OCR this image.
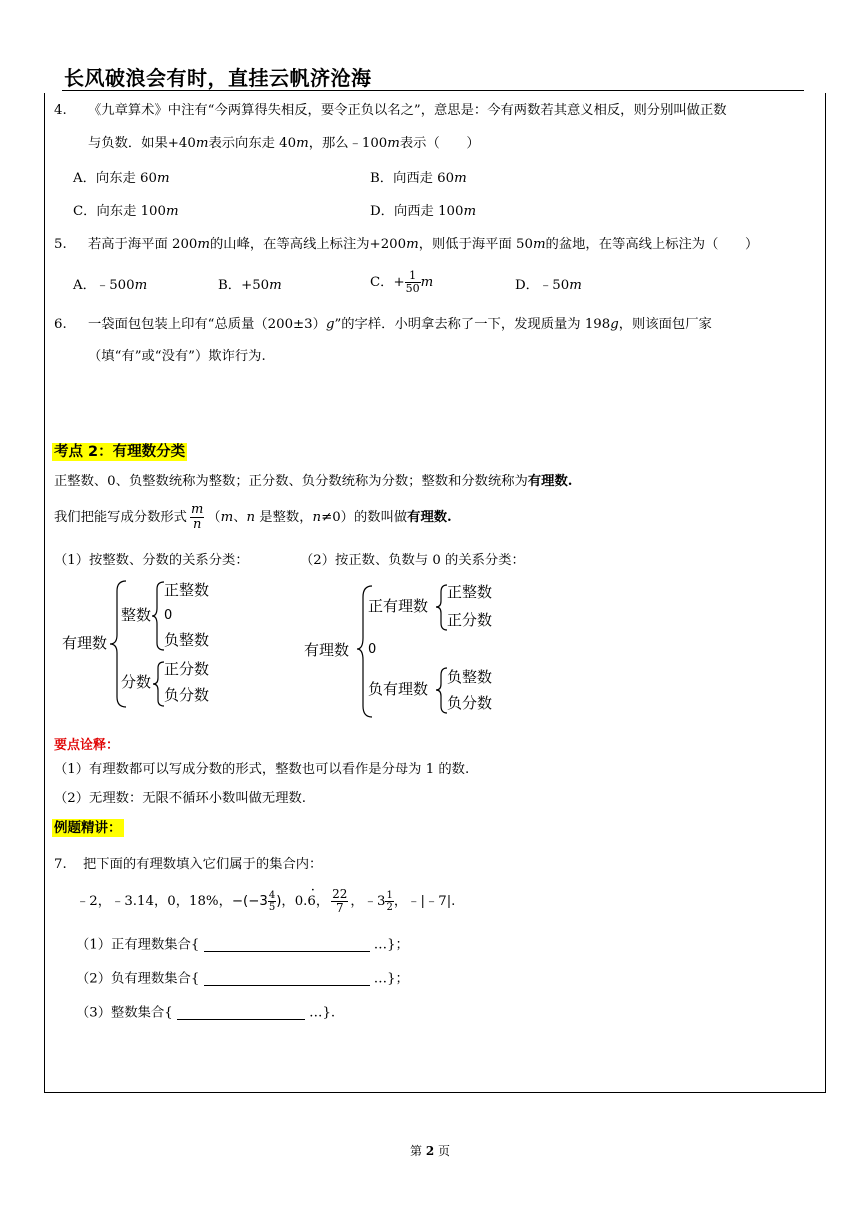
长风破浪会有时，直挂云帆济沧海
4. 《九章算术》中注有“今两算得失相反，要令正负以名之”，意思是：今有两数若其意义相反，则分别叫做正数
与负数．如果+40m表示向东走 40m，那么﹣100m表示（　　）
A．向东走 60m	B．向西走 60m
C．向东走 100m	D．向西走 100m
5. 若高于海平面 200m的山峰，在等高线上标注为+200m，则低于海平面 50m的盆地，在等高线上标注为（　　）
A．﹣500m	B．+50m	C．+ $\frac{1}{50}$ m	D．﹣50m
6. 一袋面包包装上印有“总质量（200±3）g”的字样．小明拿去称了一下，发现质量为 198g，则该面包厂家
（填“有”或“没有”）欺诈行为.
考点 2：有理数分类
正整数、0、负整数统称为整数；正分数、负分数统称为分数；整数和分数统称为有理数.
我们把能写成分数形式 $\frac{m}{n} (m$、n 是整数，n≠0）的数叫做有理数.
（1）按整数、分数的关系分类：	（2）按正数、负数与 0 的关系分类：
有理数
整数
正整数
0
负整数
分数
正分数
负分数
有理数
正有理数
正整数
正分数
0
负有理数
负整数
负分数
要点诠释：
（1）有理数都可以写成分数的形式，整数也可以看作是分母为 1 的数.
（2）无理数：无限不循环小数叫做无理数.
例题精讲：
7. 把下面的有理数填入它们属于的集合内：
﹣2，﹣3.14，0，18%，$-(-3 \frac{4}{5}$ )，0.6
·
， $\frac{22}{7}$ ，﹣3 $\frac{1}{2}$ ，﹣|﹣7|.
（1）正有理数集合{	…}；
（2）负有理数集合{	…}；
（3）整数集合{	…}.
第 2 页
